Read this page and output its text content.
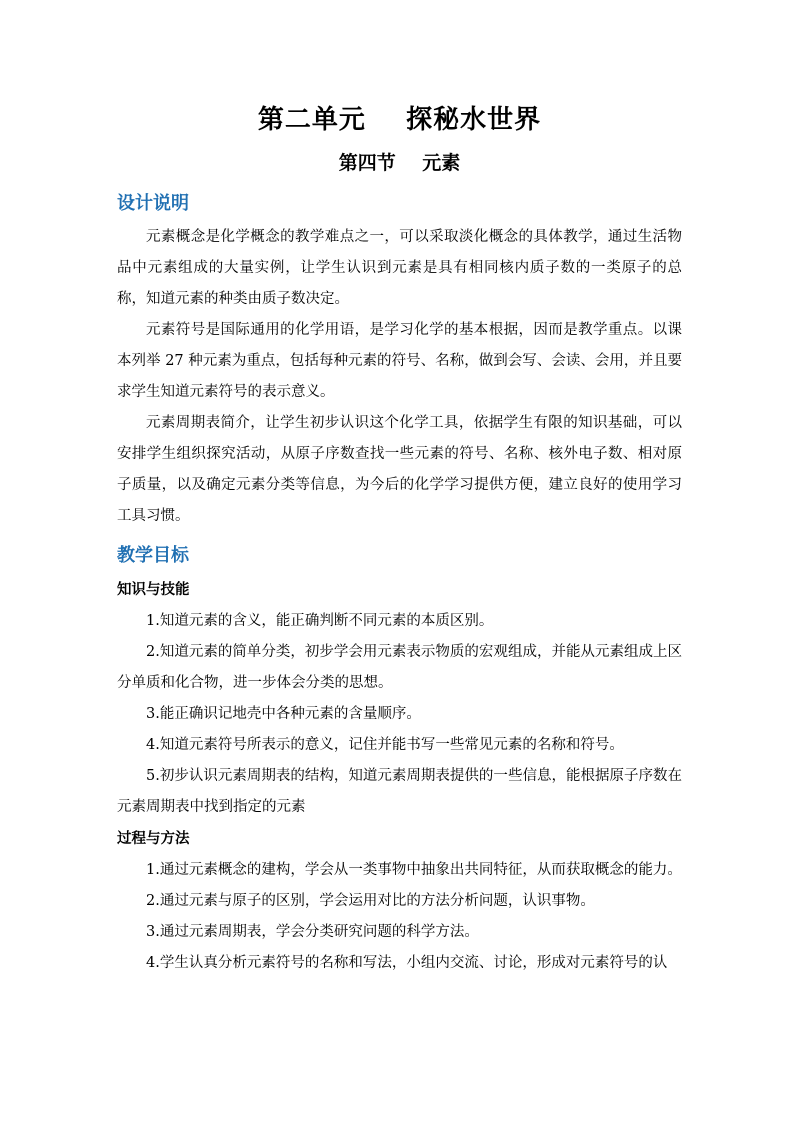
第二单元    探秘水世界
第四节    元素
设计说明

元素概念是化学概念的教学难点之一，可以采取淡化概念的具体教学，通过生活物品中元素组成的大量实例，让学生认识到元素是具有相同核内质子数的一类原子的总称，知道元素的种类由质子数决定。

元素符号是国际通用的化学用语，是学习化学的基本根据，因而是教学重点。以课本列举 27 种元素为重点，包括每种元素的符号、名称，做到会写、会读、会用，并且要求学生知道元素符号的表示意义。

元素周期表简介，让学生初步认识这个化学工具，依据学生有限的知识基础，可以安排学生组织探究活动，从原子序数查找一些元素的符号、名称、核外电子数、相对原子质量，以及确定元素分类等信息，为今后的化学学习提供方便，建立良好的使用学习工具习惯。

教学目标
知识与技能

1.知道元素的含义，能正确判断不同元素的本质区别。

2.知道元素的简单分类，初步学会用元素表示物质的宏观组成，并能从元素组成上区分单质和化合物，进一步体会分类的思想。

3.能正确识记地壳中各种元素的含量顺序。

4.知道元素符号所表示的意义，记住并能书写一些常见元素的名称和符号。

5.初步认识元素周期表的结构，知道元素周期表提供的一些信息，能根据原子序数在元素周期表中找到指定的元素

过程与方法

1.通过元素概念的建构，学会从一类事物中抽象出共同特征，从而获取概念的能力。

2.通过元素与原子的区别，学会运用对比的方法分析问题，认识事物。

3.通过元素周期表，学会分类研究问题的科学方法。

4.学生认真分析元素符号的名称和写法，小组内交流、讨论，形成对元素符号的认
